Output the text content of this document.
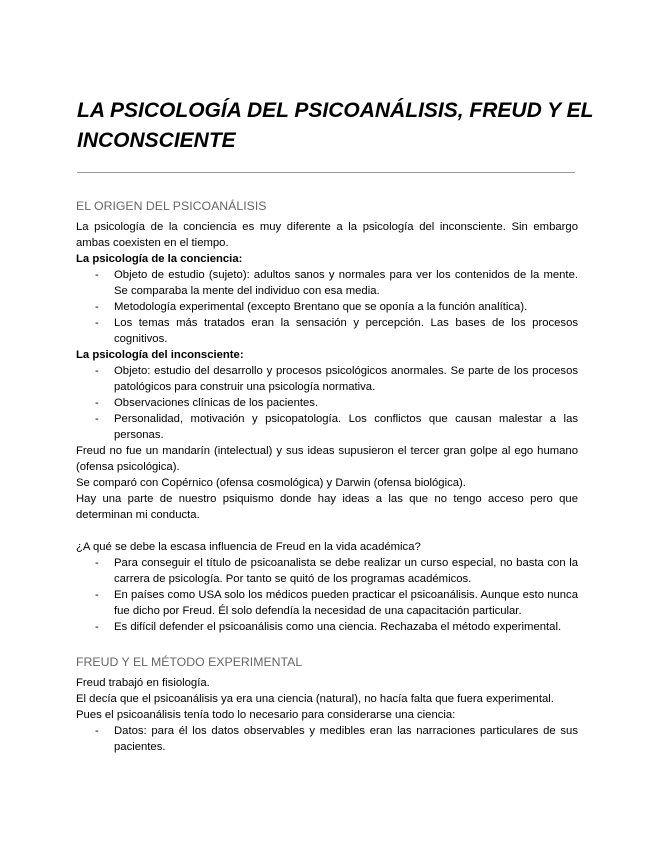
LA PSICOLOGÍA DEL PSICOANÁLISIS, FREUD Y EL INCONSCIENTE

EL ORIGEN DEL PSICOANÁLISIS

La psicología de la conciencia es muy diferente a la psicología del inconsciente. Sin embargo ambas coexisten en el tiempo.

La psicología de la conciencia:

- Objeto de estudio (sujeto): adultos sanos y normales para ver los contenidos de la mente. Se comparaba la mente del individuo con esa media.
- Metodología experimental (excepto Brentano que se oponía a la función analítica).
- Los temas más tratados eran la sensación y percepción. Las bases de los procesos cognitivos.

La psicología del inconsciente:

- Objeto: estudio del desarrollo y procesos psicológicos anormales. Se parte de los procesos patológicos para construir una psicología normativa.
- Observaciones clínicas de los pacientes.
- Personalidad, motivación y psicopatología. Los conflictos que causan malestar a las personas.

Freud no fue un mandarín (intelectual) y sus ideas supusieron el tercer gran golpe al ego humano (ofensa psicológica).

Se comparó con Copérnico (ofensa cosmológica) y Darwin (ofensa biológica).

Hay una parte de nuestro psiquismo donde hay ideas a las que no tengo acceso pero que determinan mi conducta.

¿A qué se debe la escasa influencia de Freud en la vida académica?

- Para conseguir el título de psicoanalista se debe realizar un curso especial, no basta con la carrera de psicología. Por tanto se quitó de los programas académicos.
- En países como USA solo los médicos pueden practicar el psicoanálisis. Aunque esto nunca fue dicho por Freud. Él solo defendía la necesidad de una capacitación particular.
- Es difícil defender el psicoanálisis como una ciencia. Rechazaba el método experimental.

FREUD Y EL MÉTODO EXPERIMENTAL

Freud trabajó en fisiología.

El decía que el psicoanálisis ya era una ciencia (natural), no hacía falta que fuera experimental.

Pues el psicoanálisis tenía todo lo necesario para considerarse una ciencia:

- Datos: para él los datos observables y medibles eran las narraciones particulares de sus pacientes.
